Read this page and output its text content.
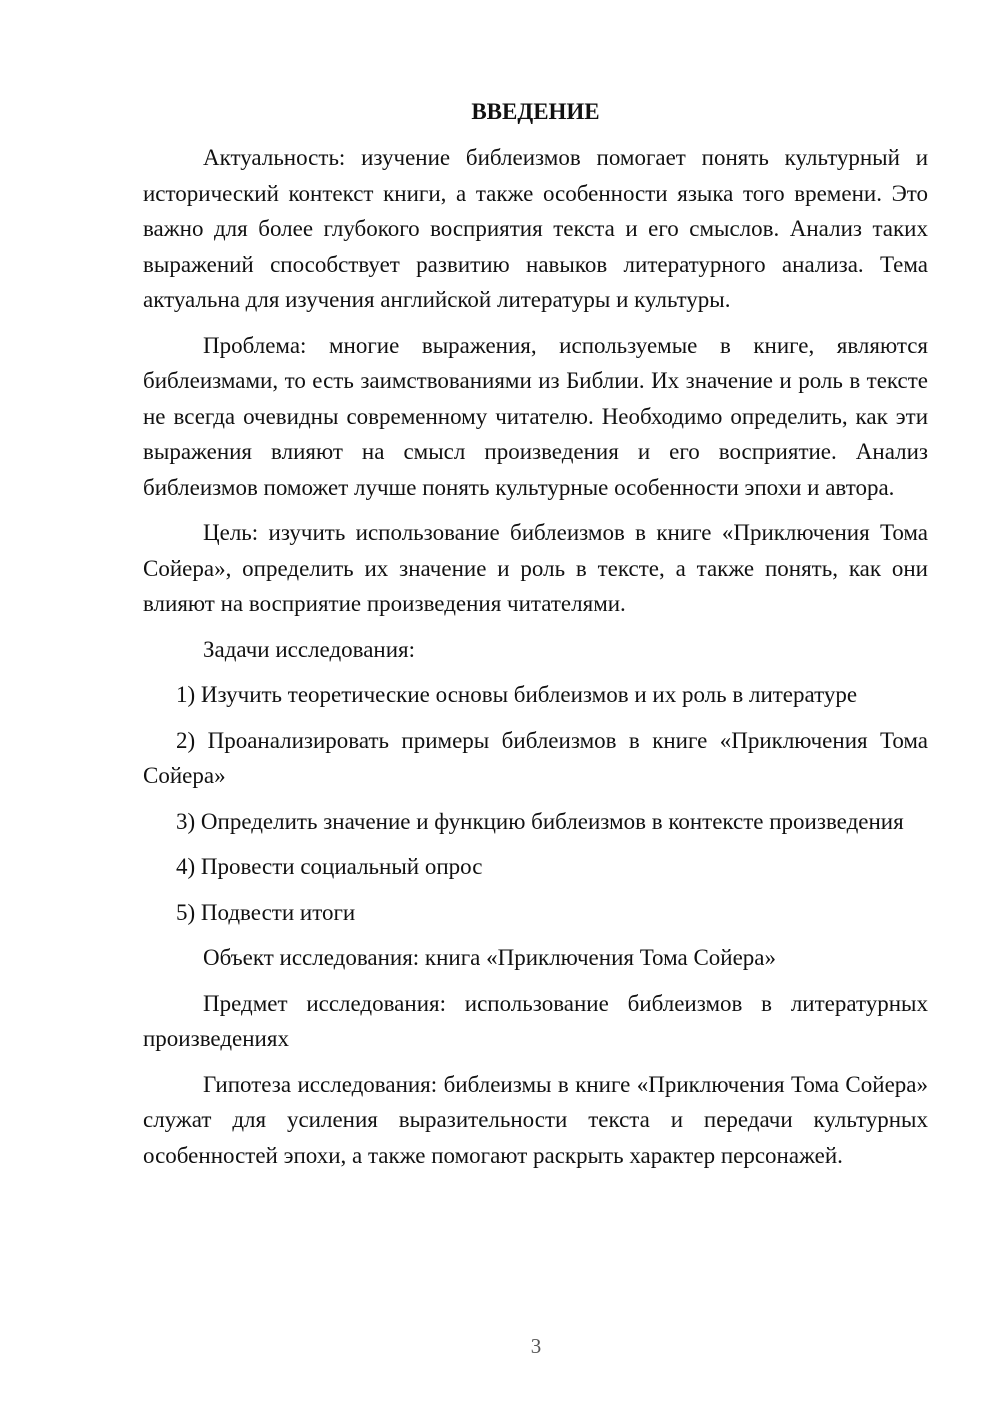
ВВЕДЕНИЕ

Актуальность: изучение библеизмов помогает понять культурный и исторический контекст книги, а также особенности языка того времени. Это важно для более глубокого восприятия текста и его смыслов. Анализ таких выражений способствует развитию навыков литературного анализа. Тема актуальна для изучения английской литературы и культуры.

Проблема: многие выражения, используемые в книге, являются библеизмами, то есть заимствованиями из Библии. Их значение и роль в тексте не всегда очевидны современному читателю. Необходимо определить, как эти выражения влияют на смысл произведения и его восприятие. Анализ библеизмов поможет лучше понять культурные особенности эпохи и автора.

Цель: изучить использование библеизмов в книге «Приключения Тома Сойера», определить их значение и роль в тексте, а также понять, как они влияют на восприятие произведения читателями.

Задачи исследования:

1) Изучить теоретические основы библеизмов и их роль в литературе

2) Проанализировать примеры библеизмов в книге «Приключения Тома Сойера»

3) Определить значение и функцию библеизмов в контексте произведения

4) Провести социальный опрос

5) Подвести итоги

Объект исследования: книга «Приключения Тома Сойера»

Предмет исследования: использование библеизмов в литературных произведениях

Гипотеза исследования: библеизмы в книге «Приключения Тома Сойера» служат для усиления выразительности текста и передачи культурных особенностей эпохи, а также помогают раскрыть характер персонажей.

3
